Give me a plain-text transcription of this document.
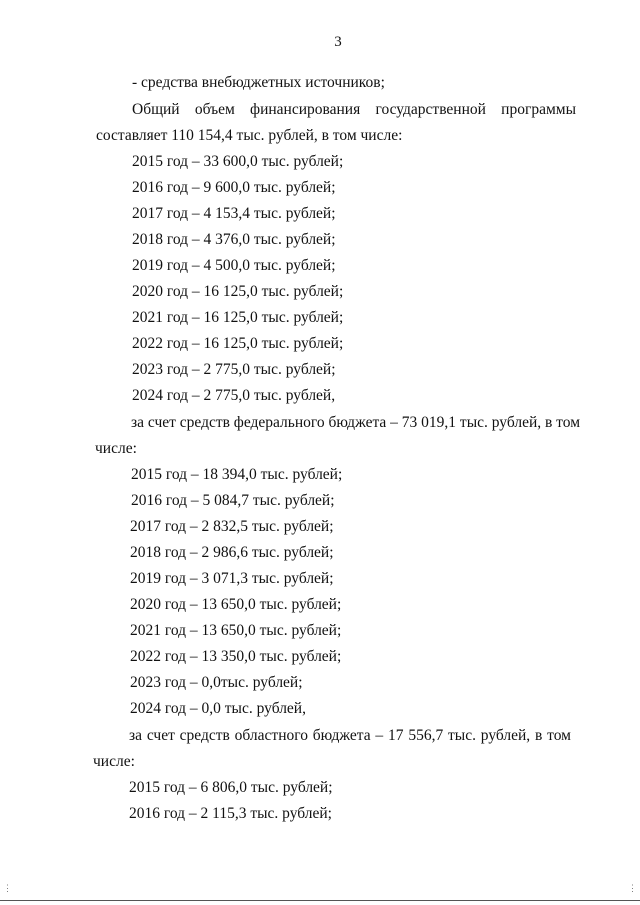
3
- средства внебюджетных источников;
Общий объем финансирования государственной программы
составляет 110 154,4 тыс. рублей, в том числе:
2015 год – 33 600,0 тыс. рублей;
2016 год – 9 600,0 тыс. рублей;
2017 год – 4 153,4 тыс. рублей;
2018 год – 4 376,0 тыс. рублей;
2019 год – 4 500,0 тыс. рублей;
2020 год – 16 125,0 тыс. рублей;
2021 год – 16 125,0 тыс. рублей;
2022 год – 16 125,0 тыс. рублей;
2023 год – 2 775,0 тыс. рублей;
2024 год – 2 775,0 тыс. рублей,
за счет средств федерального бюджета – 73 019,1 тыс. рублей, в том
числе:
2015 год – 18 394,0 тыс. рублей;
2016 год – 5 084,7 тыс. рублей;
2017 год – 2 832,5 тыс. рублей;
2018 год – 2 986,6 тыс. рублей;
2019 год – 3 071,3 тыс. рублей;
2020 год – 13 650,0 тыс. рублей;
2021 год – 13 650,0 тыс. рублей;
2022 год – 13 350,0 тыс. рублей;
2023 год – 0,0тыс. рублей;
2024 год – 0,0 тыс. рублей,
за счет средств областного бюджета – 17 556,7 тыс. рублей, в том
числе:
2015 год – 6 806,0 тыс. рублей;
2016 год – 2 115,3 тыс. рублей;
⋮	⋮
